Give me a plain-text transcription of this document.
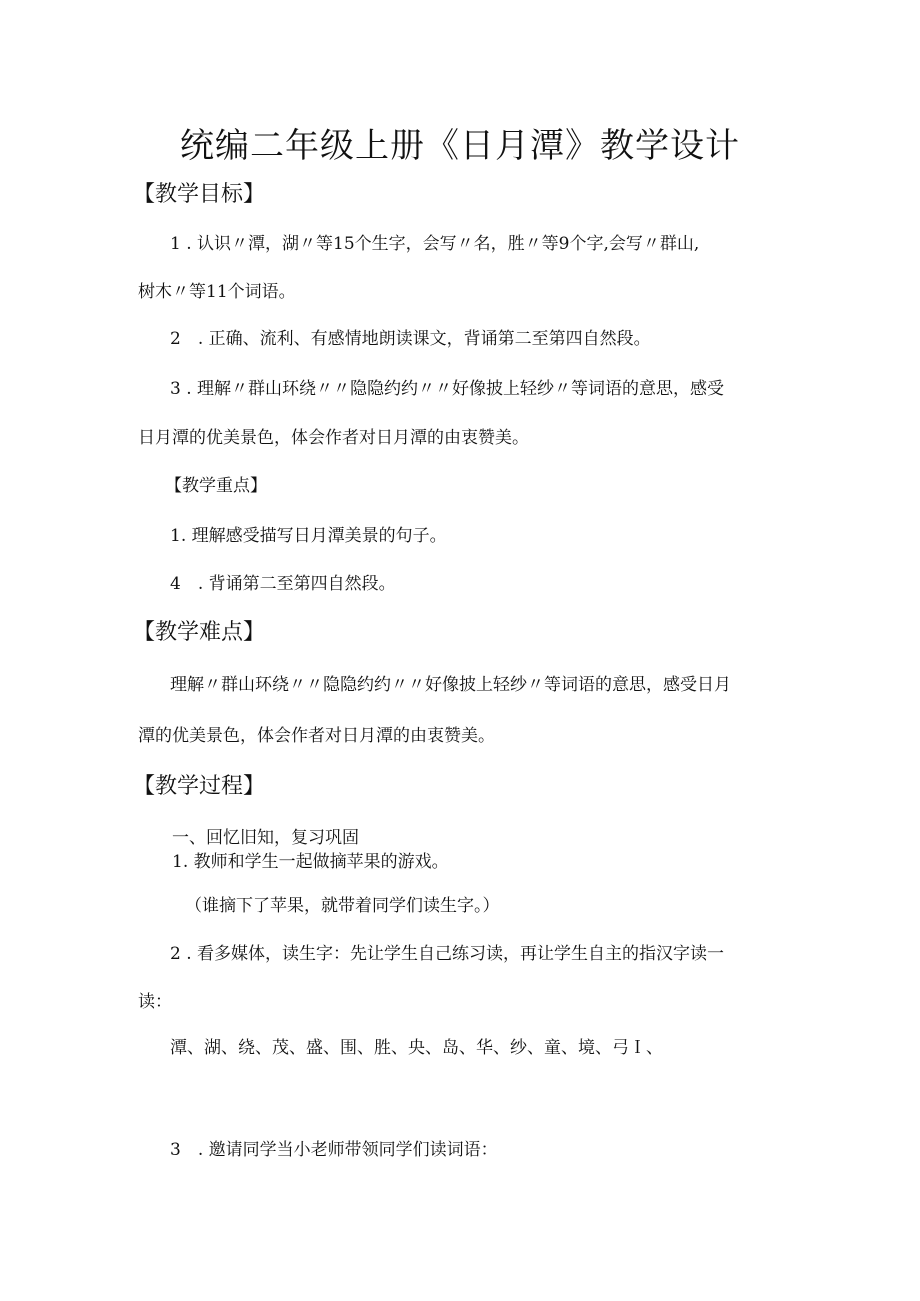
统编二年级上册《日月潭》教学设计
【教学目标】
1 . 认识〃潭，湖〃等15个生字，会写〃名，胜〃等9个字,会写〃群山,
树木〃等11个词语。
2　. 正确、流利、有感情地朗读课文，背诵第二至第四自然段。
3 . 理解〃群山环绕〃〃隐隐约约〃〃好像披上轻纱〃等词语的意思，感受
日月潭的优美景色，体会作者对日月潭的由衷赞美。
【教学重点】
1. 理解感受描写日月潭美景的句子。
4　. 背诵第二至第四自然段。
【教学难点】
理解〃群山环绕〃〃隐隐约约〃〃好像披上轻纱〃等词语的意思，感受日月
潭的优美景色，体会作者对日月潭的由衷赞美。
【教学过程】
一、回忆旧知，复习巩固
1. 教师和学生一起做摘苹果的游戏。
（谁摘下了苹果，就带着同学们读生字。）
2 . 看多媒体，读生字：先让学生自己练习读，再让学生自主的指汉字读一
读：
潭、湖、绕、茂、盛、围、胜、央、岛、华、纱、童、境、弓Ｉ、
3　. 邀请同学当小老师带领同学们读词语：
